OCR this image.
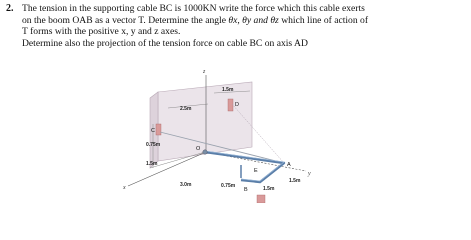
2. The tension in the supporting cable BC is 1000KN write the force which this cable exerts
on the boom OAB as a vector T. Determine the angle θx, θy and θz which line of action of
T forms with the positive x, y and z axes.
Determine also the projection of the tension force on cable BC on axis AD
1.5m
2.5m
0.75m
1.5m
3.0m	0.75m	1.5m
1.5m
C
D
O
E
A
B
x
y
z
